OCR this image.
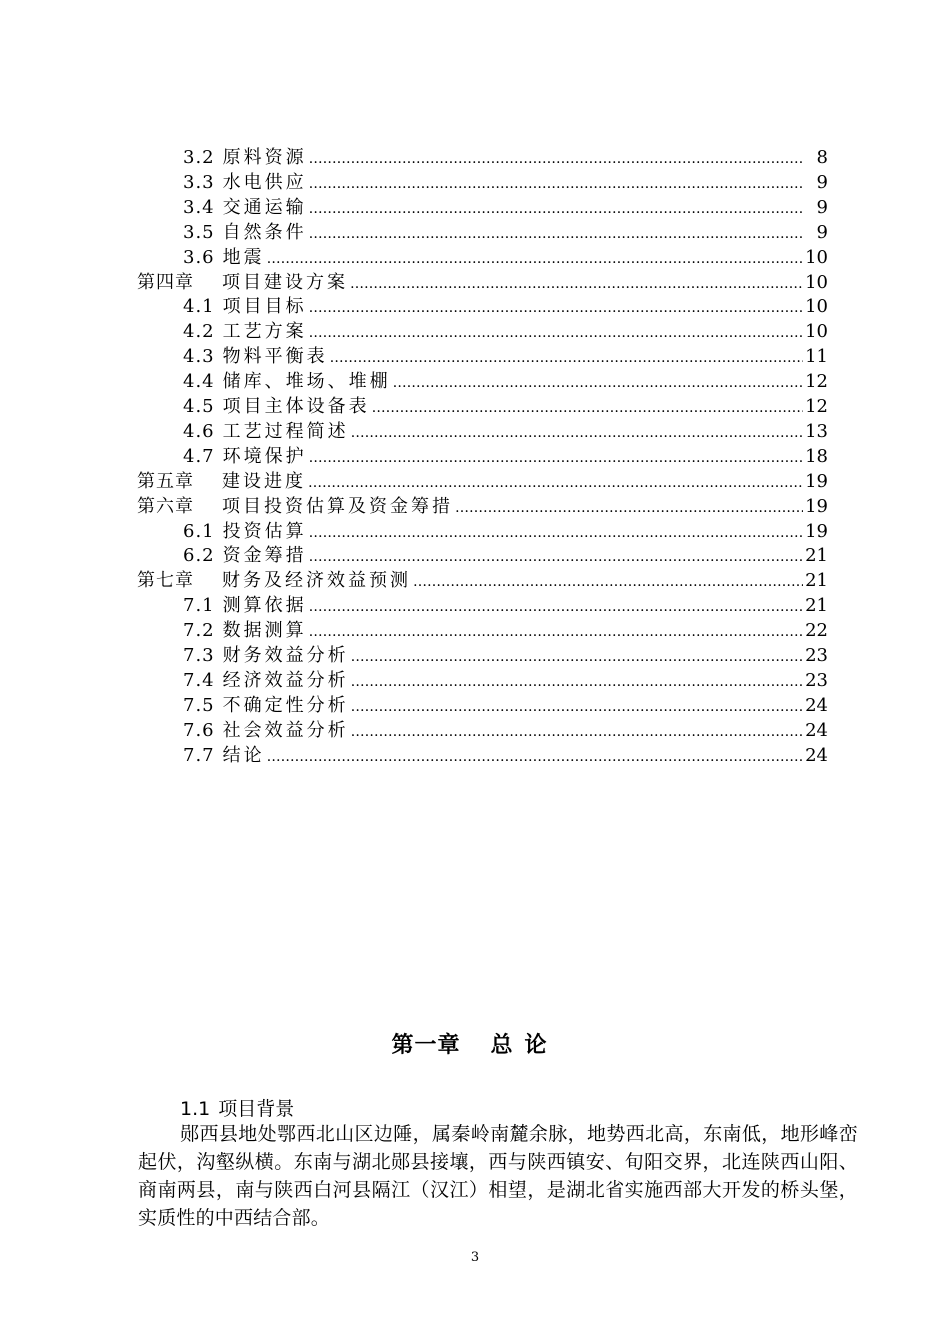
3.2 原料资源 ………………………………………………………………………………………………………………………………………	8
3.3 水电供应 ………………………………………………………………………………………………………………………………………	9
3.4 交通运输 ………………………………………………………………………………………………………………………………………	9
3.5 自然条件 ………………………………………………………………………………………………………………………………………	9
3.6 地震 ………………………………………………………………………………………………………………………………………	10
第四章	项目建设方案 ………………………………………………………………………………………………………………………………………	10
4.1 项目目标 ………………………………………………………………………………………………………………………………………	10
4.2 工艺方案 ………………………………………………………………………………………………………………………………………	10
4.3 物料平衡表 ………………………………………………………………………………………………………………………………………	11
4.4 储库、堆场、堆棚 ………………………………………………………………………………………………………………………………………	12
4.5 项目主体设备表 ………………………………………………………………………………………………………………………………………	12
4.6 工艺过程简述 ………………………………………………………………………………………………………………………………………	13
4.7 环境保护 ………………………………………………………………………………………………………………………………………	18
第五章	建设进度 ………………………………………………………………………………………………………………………………………	19
第六章	项目投资估算及资金筹措 ………………………………………………………………………………………………………………………………………	19
6.1 投资估算 ………………………………………………………………………………………………………………………………………	19
6.2 资金筹措 ………………………………………………………………………………………………………………………………………	21
第七章	财务及经济效益预测 ………………………………………………………………………………………………………………………………………	21
7.1 测算依据 ………………………………………………………………………………………………………………………………………	21
7.2 数据测算 ………………………………………………………………………………………………………………………………………	22
7.3 财务效益分析 ………………………………………………………………………………………………………………………………………	23
7.4 经济效益分析 ………………………………………………………………………………………………………………………………………	23
7.5 不确定性分析 ………………………………………………………………………………………………………………………………………	24
7.6 社会效益分析 ………………………………………………………………………………………………………………………………………	24
7.7 结论 ………………………………………………………………………………………………………………………………………	24
第一章 总论
1.1 项目背景
郧西县地处鄂西北山区边陲，属秦岭南麓余脉，地势西北高，东南低，地形峰峦起伏，沟壑纵横。东南与湖北郧县接壤，西与陕西镇安、旬阳交界，北连陕西山阳、商南两县，南与陕西白河县隔江（汉江）相望，是湖北省实施西部大开发的桥头堡，实质性的中西结合部。
3
